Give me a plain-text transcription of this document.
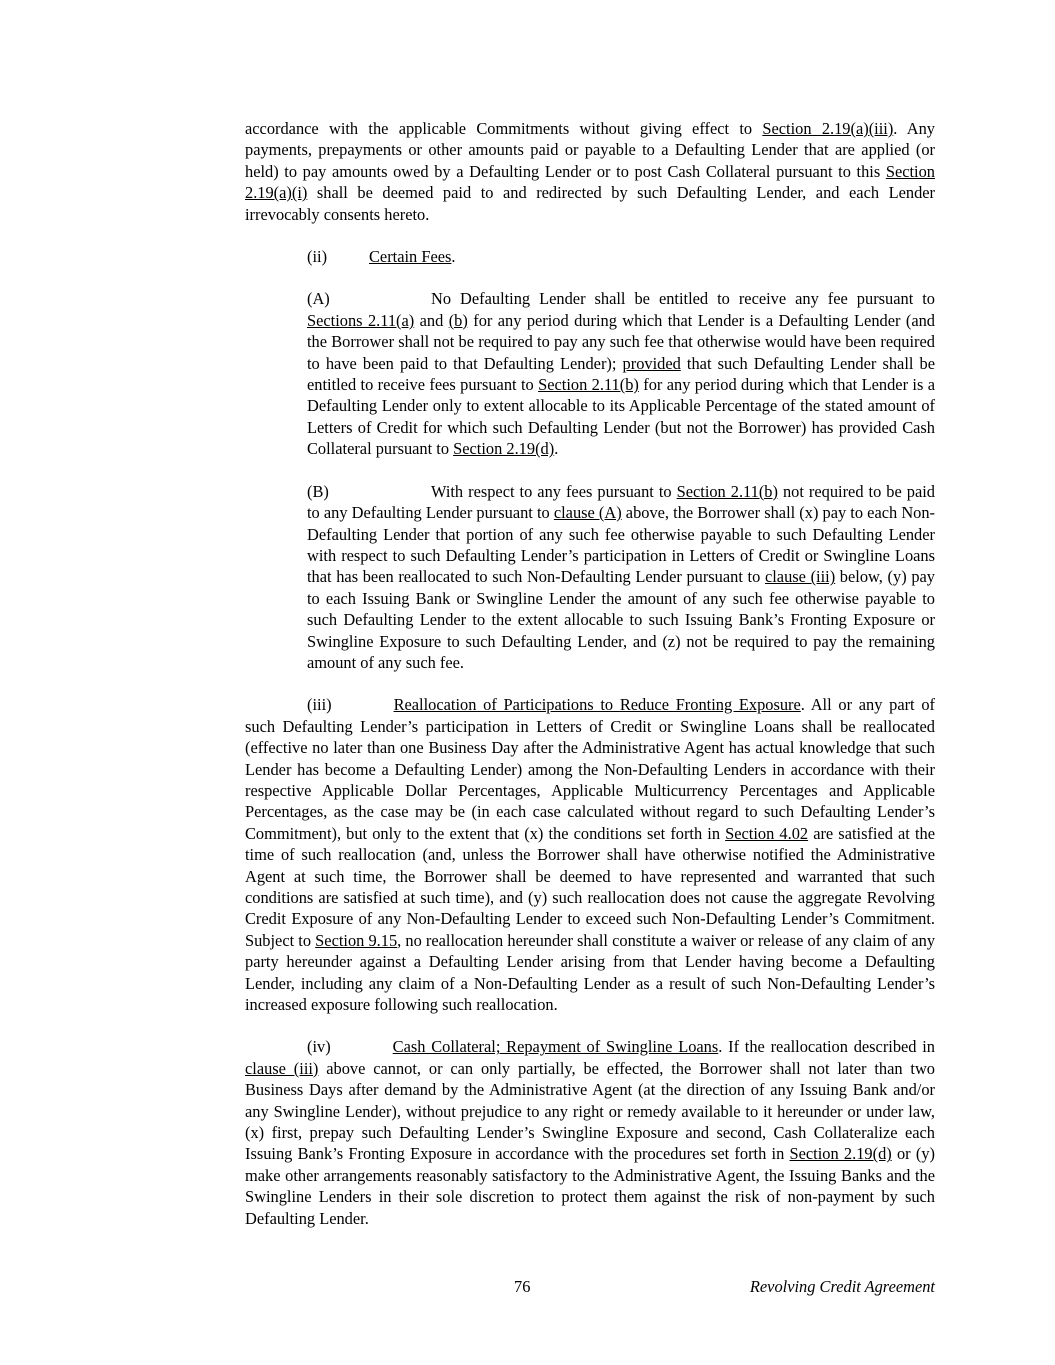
accordance with the applicable Commitments without giving effect to Section 2.19(a)(iii). Any payments, prepayments or other amounts paid or payable to a Defaulting Lender that are applied (or held) to pay amounts owed by a Defaulting Lender or to post Cash Collateral pursuant to this Section 2.19(a)(i) shall be deemed paid to and redirected by such Defaulting Lender, and each Lender irrevocably consents hereto.

(ii)	Certain Fees.

(A)	No Defaulting Lender shall be entitled to receive any fee pursuant to Sections 2.11(a) and (b) for any period during which that Lender is a Defaulting Lender (and the Borrower shall not be required to pay any such fee that otherwise would have been required to have been paid to that Defaulting Lender); provided that such Defaulting Lender shall be entitled to receive fees pursuant to Section 2.11(b) for any period during which that Lender is a Defaulting Lender only to extent allocable to its Applicable Percentage of the stated amount of Letters of Credit for which such Defaulting Lender (but not the Borrower) has provided Cash Collateral pursuant to Section 2.19(d).

(B)	With respect to any fees pursuant to Section 2.11(b) not required to be paid to any Defaulting Lender pursuant to clause (A) above, the Borrower shall (x) pay to each Non-Defaulting Lender that portion of any such fee otherwise payable to such Defaulting Lender with respect to such Defaulting Lender’s participation in Letters of Credit or Swingline Loans that has been reallocated to such Non-Defaulting Lender pursuant to clause (iii) below, (y) pay to each Issuing Bank or Swingline Lender the amount of any such fee otherwise payable to such Defaulting Lender to the extent allocable to such Issuing Bank’s Fronting Exposure or Swingline Exposure to such Defaulting Lender, and (z) not be required to pay the remaining amount of any such fee.

(iii)	Reallocation of Participations to Reduce Fronting Exposure. All or any part of such Defaulting Lender’s participation in Letters of Credit or Swingline Loans shall be reallocated (effective no later than one Business Day after the Administrative Agent has actual knowledge that such Lender has become a Defaulting Lender) among the Non-Defaulting Lenders in accordance with their respective Applicable Dollar Percentages, Applicable Multicurrency Percentages and Applicable Percentages, as the case may be (in each case calculated without regard to such Defaulting Lender’s Commitment), but only to the extent that (x) the conditions set forth in Section 4.02 are satisfied at the time of such reallocation (and, unless the Borrower shall have otherwise notified the Administrative Agent at such time, the Borrower shall be deemed to have represented and warranted that such conditions are satisfied at such time), and (y) such reallocation does not cause the aggregate Revolving Credit Exposure of any Non-Defaulting Lender to exceed such Non-Defaulting Lender’s Commitment. Subject to Section 9.15, no reallocation hereunder shall constitute a waiver or release of any claim of any party hereunder against a Defaulting Lender arising from that Lender having become a Defaulting Lender, including any claim of a Non-Defaulting Lender as a result of such Non-Defaulting Lender’s increased exposure following such reallocation.

(iv)	Cash Collateral; Repayment of Swingline Loans. If the reallocation described in clause (iii) above cannot, or can only partially, be effected, the Borrower shall not later than two Business Days after demand by the Administrative Agent (at the direction of any Issuing Bank and/or any Swingline Lender), without prejudice to any right or remedy available to it hereunder or under law, (x) first, prepay such Defaulting Lender’s Swingline Exposure and second, Cash Collateralize each Issuing Bank’s Fronting Exposure in accordance with the procedures set forth in Section 2.19(d) or (y) make other arrangements reasonably satisfactory to the Administrative Agent, the Issuing Banks and the Swingline Lenders in their sole discretion to protect them against the risk of non-payment by such Defaulting Lender.

76	Revolving Credit Agreement
